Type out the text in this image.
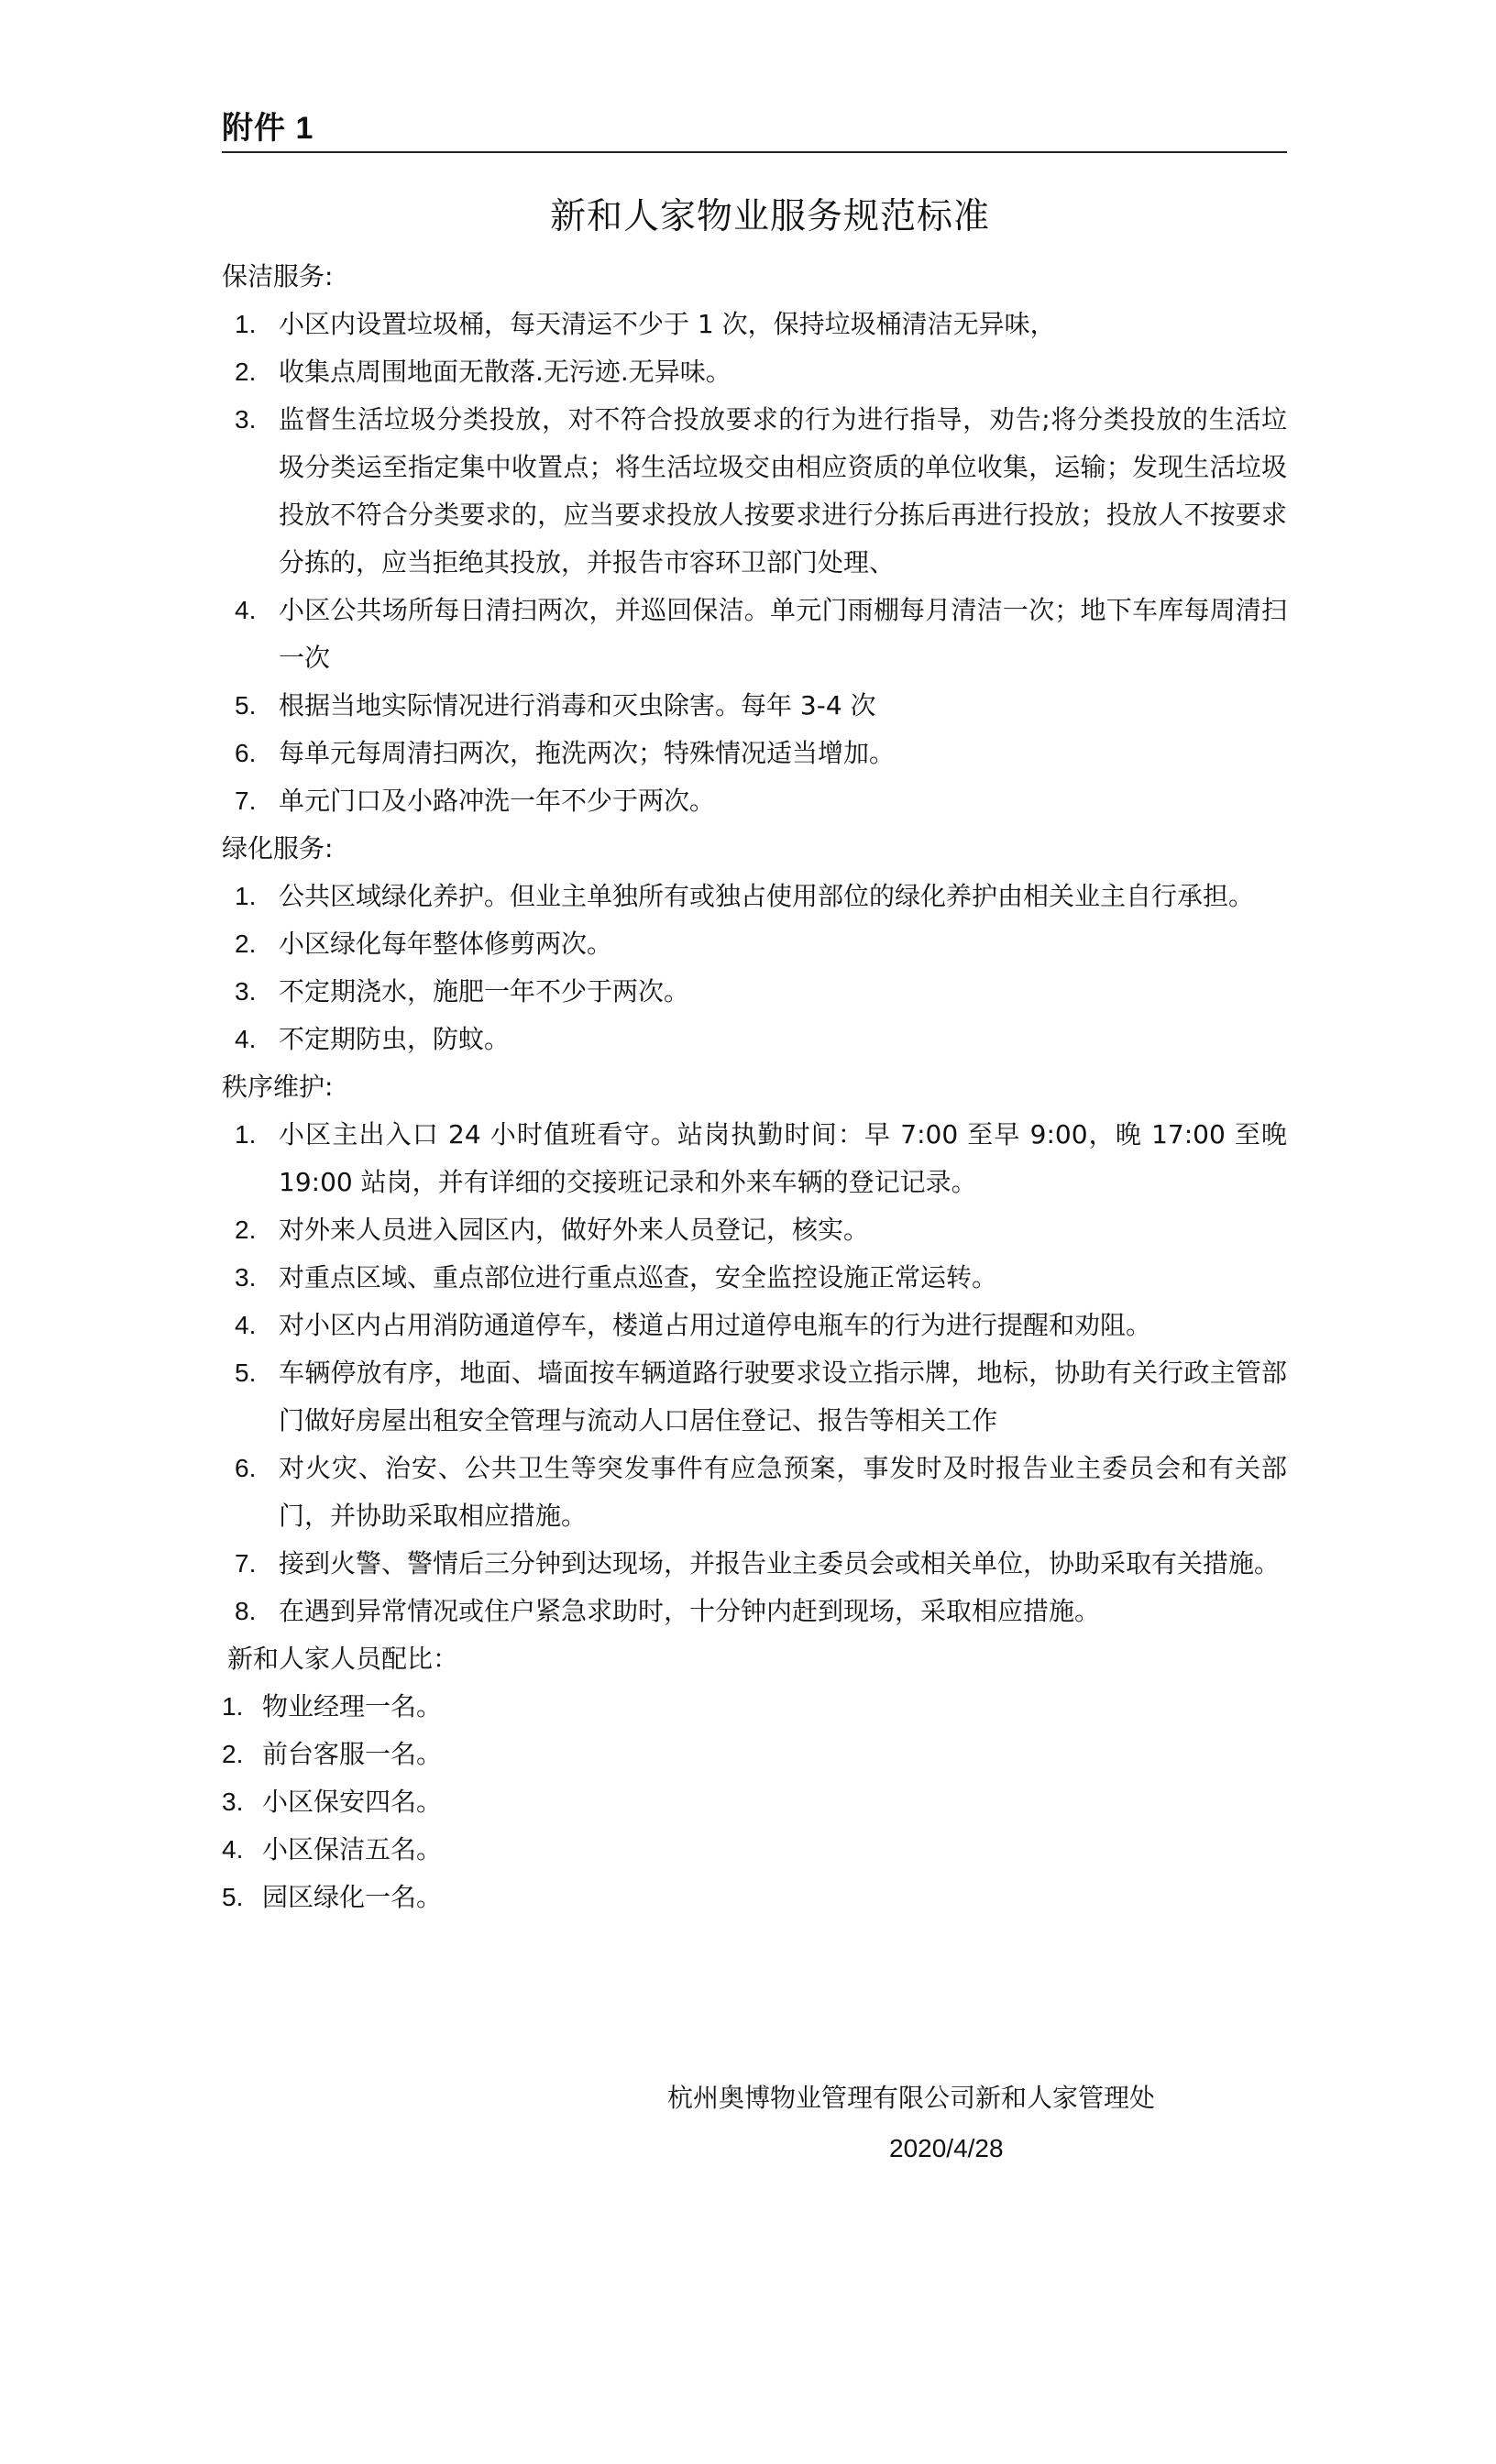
附件 1
新和人家物业服务规范标准
保洁服务:
1. 小区内设置垃圾桶，每天清运不少于 1 次，保持垃圾桶清洁无异味，
2. 收集点周围地面无散落.无污迹.无异味。
3. 监督生活垃圾分类投放，对不符合投放要求的行为进行指导，劝告;将分类投放的生活垃圾分类运至指定集中收置点；将生活垃圾交由相应资质的单位收集，运输；发现生活垃圾投放不符合分类要求的，应当要求投放人按要求进行分拣后再进行投放；投放人不按要求分拣的，应当拒绝其投放，并报告市容环卫部门处理、
4. 小区公共场所每日清扫两次，并巡回保洁。单元门雨棚每月清洁一次；地下车库每周清扫一次
5. 根据当地实际情况进行消毒和灭虫除害。每年 3-4 次
6. 每单元每周清扫两次，拖洗两次；特殊情况适当增加。
7. 单元门口及小路冲洗一年不少于两次。
绿化服务:
1. 公共区域绿化养护。但业主单独所有或独占使用部位的绿化养护由相关业主自行承担。
2. 小区绿化每年整体修剪两次。
3. 不定期浇水，施肥一年不少于两次。
4. 不定期防虫，防蚊。
秩序维护:
1. 小区主出入口 24 小时值班看守。站岗执勤时间：早 7:00 至早 9:00，晚 17:00 至晚 19:00 站岗，并有详细的交接班记录和外来车辆的登记记录。
2. 对外来人员进入园区内，做好外来人员登记，核实。
3. 对重点区域、重点部位进行重点巡查，安全监控设施正常运转。
4. 对小区内占用消防通道停车，楼道占用过道停电瓶车的行为进行提醒和劝阻。
5. 车辆停放有序，地面、墙面按车辆道路行驶要求设立指示牌，地标，协助有关行政主管部门做好房屋出租安全管理与流动人口居住登记、报告等相关工作
6. 对火灾、治安、公共卫生等突发事件有应急预案，事发时及时报告业主委员会和有关部门，并协助采取相应措施。
7. 接到火警、警情后三分钟到达现场，并报告业主委员会或相关单位，协助采取有关措施。
8. 在遇到异常情况或住户紧急求助时，十分钟内赶到现场，采取相应措施。
新和人家人员配比：
1. 物业经理一名。
2. 前台客服一名。
3. 小区保安四名。
4. 小区保洁五名。
5. 园区绿化一名。
杭州奥博物业管理有限公司新和人家管理处
2020/4/28
